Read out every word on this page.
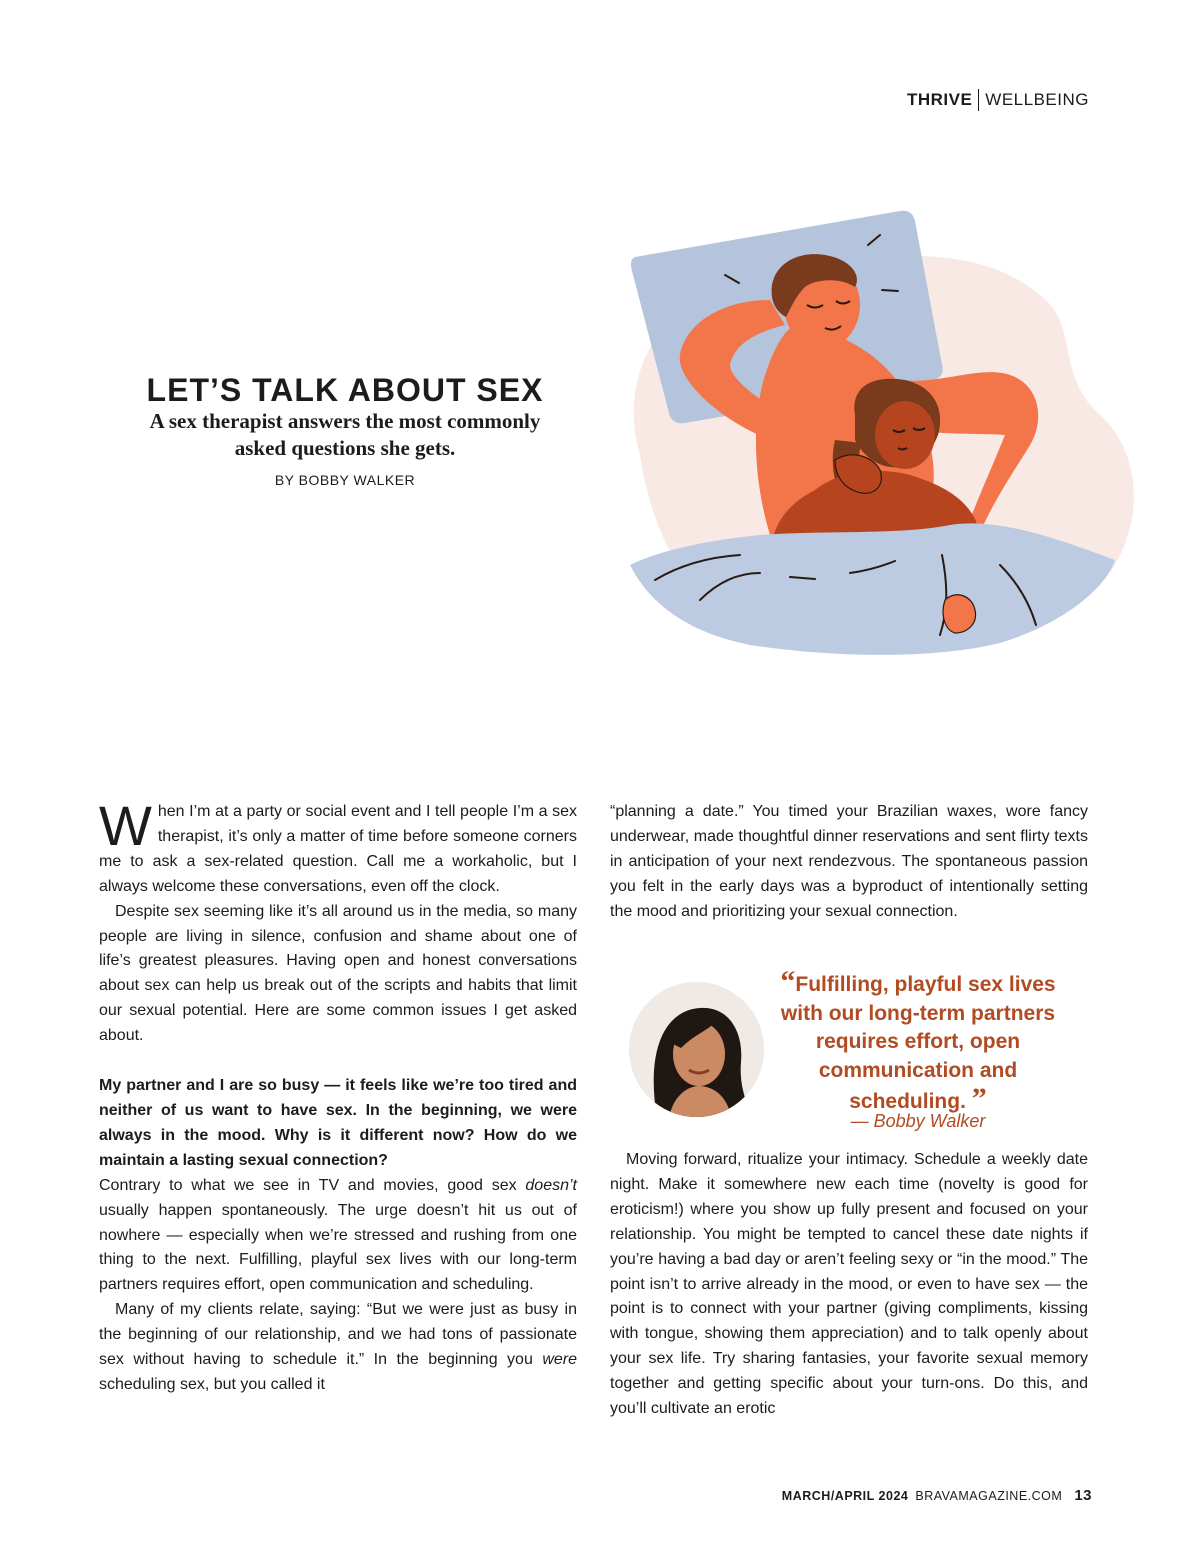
THRIVE WELLBEING
LET’S TALK ABOUT SEX

A sex therapist answers the most commonly asked questions she gets.

BY BOBBY WALKER

When I’m at a party or social event and I tell people I’m a sex therapist, it’s only a matter of time before someone corners me to ask a sex-related question. Call me a workaholic, but I always welcome these conversations, even off the clock.

Despite sex seeming like it’s all around us in the media, so many people are living in silence, confusion and shame about one of life’s greatest pleasures. Having open and honest conversations about sex can help us break out of the scripts and habits that limit our sexual potential. Here are some common issues I get asked about.

My partner and I are so busy — it feels like we’re too tired and neither of us want to have sex. In the beginning, we were always in the mood. Why is it different now? How do we maintain a lasting sexual connection?

Contrary to what we see in TV and movies, good sex doesn’t usually happen spontaneously. The urge doesn’t hit us out of nowhere — especially when we’re stressed and rushing from one thing to the next. Fulfilling, playful sex lives with our long-term partners requires effort, open communication and scheduling.

Many of my clients relate, saying: “But we were just as busy in the beginning of our relationship, and we had tons of passionate sex without having to schedule it.” In the beginning you were scheduling sex, but you called it

“planning a date.” You timed your Brazilian waxes, wore fancy underwear, made thoughtful dinner reservations and sent flirty texts in anticipation of your next rendezvous. The spontaneous passion you felt in the early days was a byproduct of intentionally setting the mood and prioritizing your sexual connection.

“Fulfilling, playful sex lives with our long-term partners requires effort, open communication and scheduling. ”
— Bobby Walker

Moving forward, ritualize your intimacy. Schedule a weekly date night. Make it somewhere new each time (novelty is good for eroticism!) where you show up fully present and focused on your relationship. You might be tempted to cancel these date nights if you’re having a bad day or aren’t feeling sexy or “in the mood.” The point isn’t to arrive already in the mood, or even to have sex — the point is to connect with your partner (giving compliments, kissing with tongue, showing them appreciation) and to talk openly about your sex life. Try sharing fantasies, your favorite sexual memory together and getting specific about your turn-ons. Do this, and you’ll cultivate an erotic

MARCH/APRIL 2024 BRAVAMAGAZINE.COM 13
